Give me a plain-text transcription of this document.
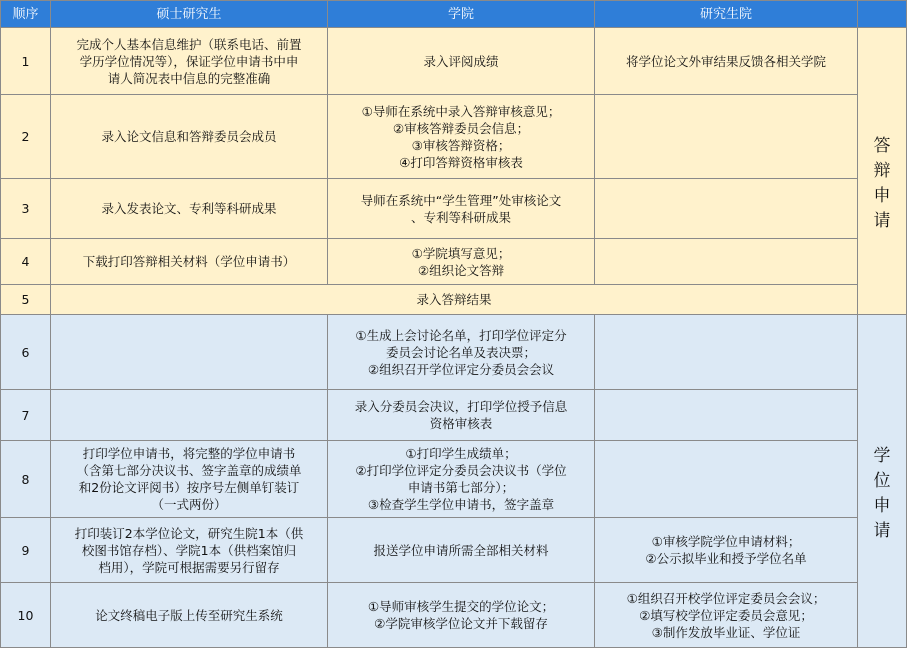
顺序	硕士研究生	学院	研究生院	
1	完成个人基本信息维护（联系电话、前置
学历学位情况等），保证学位申请书中申
请人简况表中信息的完整准确	录入评阅成绩	将学位论文外审结果反馈各相关学院	答
辩
申
请

2	录入论文信息和答辩委员会成员	①导师在系统中录入答辩审核意见；
②审核答辩委员会信息；
③审核答辩资格；
④打印答辩资格审核表		
3	录入发表论文、专利等科研成果	导师在系统中“学生管理”处审核论文
、专利等科研成果		
4	下载打印答辩相关材料（学位申请书）	①学院填写意见；
②组织论文答辩		
5	录入答辩结果			
6		①生成上会讨论名单，打印学位评定分
委员会讨论名单及表决票；
②组织召开学位评定分委员会会议		学
位
申
请

7		录入分委员会决议，打印学位授予信息
资格审核表		
8	打印学位申请书，将完整的学位申请书
（含第七部分决议书、签字盖章的成绩单
和2份论文评阅书）按序号左侧单钉装订
（一式两份）	①打印学生成绩单；
②打印学位评定分委员会决议书（学位
申请书第七部分）；
③检查学生学位申请书，签字盖章		
9	打印装订2本学位论文，研究生院1本（供
校图书馆存档）、学院1本（供档案馆归
档用），学院可根据需要另行留存	报送学位申请所需全部相关材料	①审核学院学位申请材料；
②公示拟毕业和授予学位名单	
10	论文终稿电子版上传至研究生系统	①导师审核学生提交的学位论文；
②学院审核学位论文并下载留存	①组织召开校学位评定委员会会议；
②填写校学位评定委员会意见；
③制作发放毕业证、学位证	
